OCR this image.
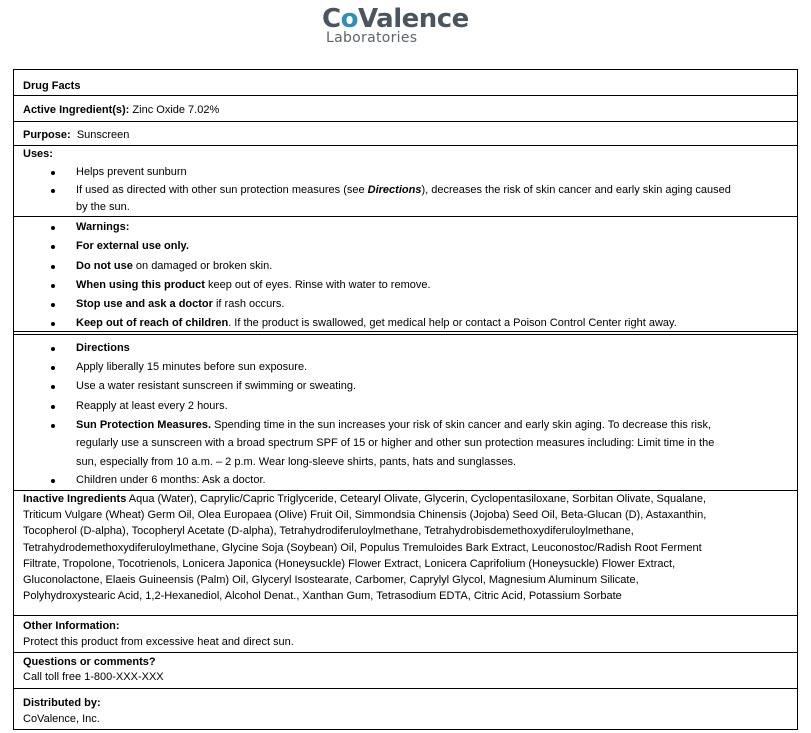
CoValence
Laboratories
Drug Facts
Active Ingredient(s): Zinc Oxide 7.02%
Purpose: Sunscreen
Uses:
Helps prevent sunburn
If used as directed with other sun protection measures (see Directions), decreases the risk of skin cancer and early skin aging caused
by the sun.
Warnings:
For external use only.
Do not use on damaged or broken skin.
When using this product keep out of eyes. Rinse with water to remove.
Stop use and ask a doctor if rash occurs.
Keep out of reach of children. If the product is swallowed, get medical help or contact a Poison Control Center right away.
Directions
Apply liberally 15 minutes before sun exposure.
Use a water resistant sunscreen if swimming or sweating.
Reapply at least every 2 hours.
Sun Protection Measures. Spending time in the sun increases your risk of skin cancer and early skin aging. To decrease this risk,
regularly use a sunscreen with a broad spectrum SPF of 15 or higher and other sun protection measures including: Limit time in the
sun, especially from 10 a.m. – 2 p.m. Wear long-sleeve shirts, pants, hats and sunglasses.
Children under 6 months: Ask a doctor.
Inactive Ingredients Aqua (Water), Caprylic/Capric Triglyceride, Cetearyl Olivate, Glycerin, Cyclopentasiloxane, Sorbitan Olivate, Squalane,
Triticum Vulgare (Wheat) Germ Oil, Olea Europaea (Olive) Fruit Oil, Simmondsia Chinensis (Jojoba) Seed Oil, Beta-Glucan (D), Astaxanthin,
Tocopherol (D-alpha), Tocopheryl Acetate (D-alpha), Tetrahydrodiferuloylmethane, Tetrahydrobisdemethoxydiferuloylmethane,
Tetrahydrodemethoxydiferuloylmethane, Glycine Soja (Soybean) Oil, Populus Tremuloides Bark Extract, Leuconostoc/Radish Root Ferment
Filtrate, Tropolone, Tocotrienols, Lonicera Japonica (Honeysuckle) Flower Extract, Lonicera Caprifolium (Honeysuckle) Flower Extract,
Gluconolactone, Elaeis Guineensis (Palm) Oil, Glyceryl Isostearate, Carbomer, Caprylyl Glycol, Magnesium Aluminum Silicate,
Polyhydroxystearic Acid, 1,2-Hexanediol, Alcohol Denat., Xanthan Gum, Tetrasodium EDTA, Citric Acid, Potassium Sorbate
Other Information:
Protect this product from excessive heat and direct sun.
Questions or comments?
Call toll free 1-800-XXX-XXX
Distributed by:
CoValence, Inc.
